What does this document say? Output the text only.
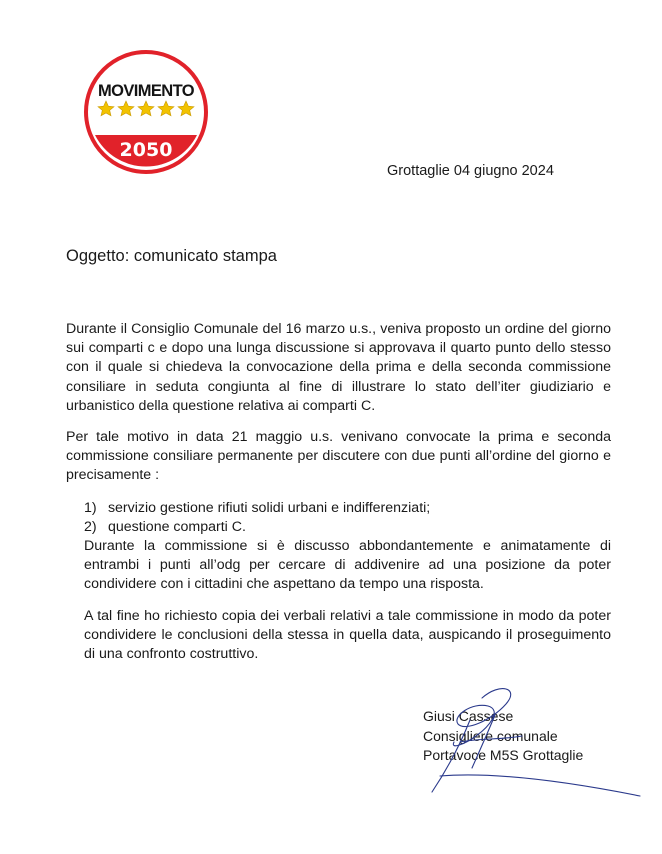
MOVIMENTO
2050
Grottaglie 04 giugno 2024
Oggetto: comunicato stampa

Durante il Consiglio Comunale del 16 marzo u.s., veniva proposto un ordine del giorno sui comparti c e dopo una lunga discussione si approvava il quarto punto dello stesso con il quale si chiedeva la convocazione della prima e della seconda commissione consiliare in seduta congiunta al fine di illustrare lo stato dell’iter giudiziario e urbanistico della questione relativa ai comparti C.

Per tale motivo in data 21 maggio u.s. venivano convocate la prima e seconda commissione consiliare permanente per discutere con due punti all’ordine del giorno e precisamente :

1) servizio gestione rifiuti solidi urbani e indifferenziati;

2) questione comparti C.

Durante la commissione si è discusso abbondantemente e animatamente di entrambi i punti all’odg per cercare di addivenire ad una posizione da poter condividere con i cittadini che aspettano da tempo una risposta.

A tal fine ho richiesto copia dei verbali relativi a tale commissione in modo da poter condividere le conclusioni della stessa in quella data, auspicando il proseguimento di una confronto costruttivo.

Giusi Cassese
Consigliere comunale
Portavoce M5S Grottaglie
